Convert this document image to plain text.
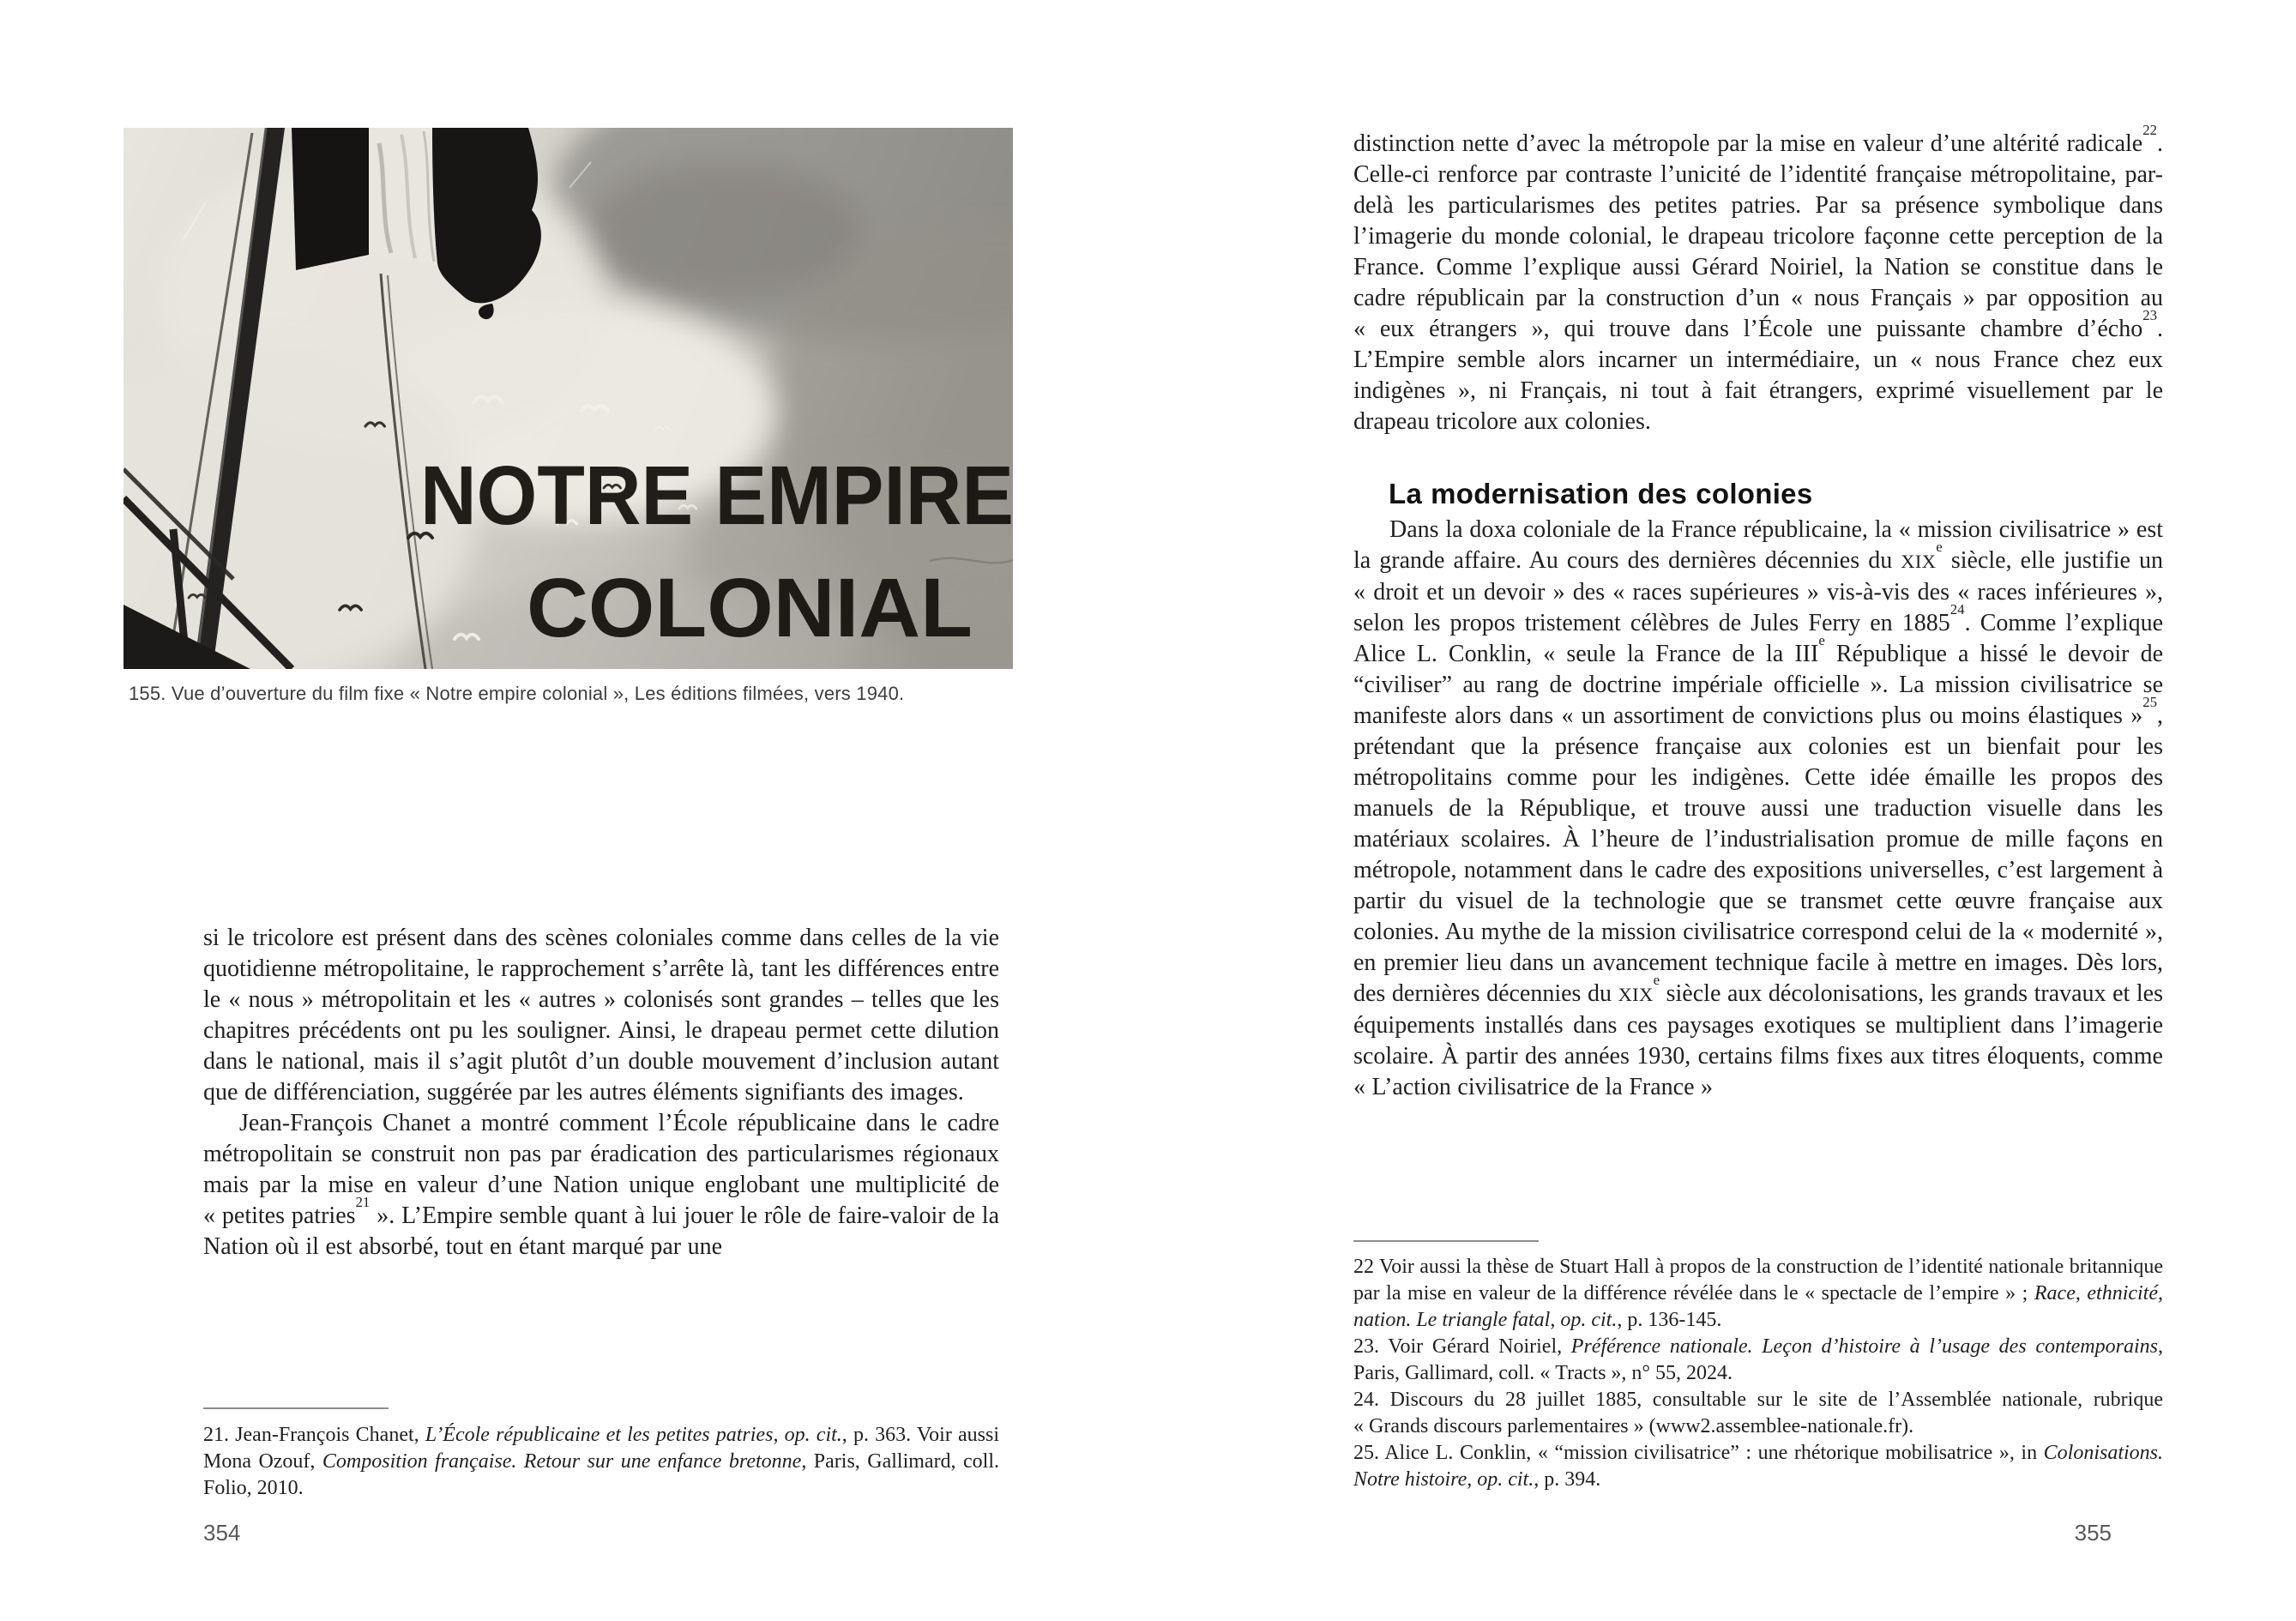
NOTRE EMPIRE
COLONIAL

155. Vue d’ouverture du film fixe « Notre empire colonial », Les éditions filmées, vers 1940.

si le tricolore est présent dans des scènes coloniales comme dans celles de la vie quotidienne métropolitaine, le rapprochement s’arrête là, tant les différences entre le « nous » métropolitain et les « autres » colonisés sont grandes – telles que les chapitres précédents ont pu les souligner. Ainsi, le drapeau permet cette dilution dans le national, mais il s’agit plutôt d’un double mouvement d’inclusion autant que de différenciation, suggérée par les autres éléments signifiants des images.

Jean-François Chanet a montré comment l’École républicaine dans le cadre métropolitain se construit non pas par éradication des particularismes régionaux mais par la mise en valeur d’une Nation unique englobant une multiplicité de « petites patries$^{21}$ ». L’Empire semble quant à lui jouer le rôle de faire-valoir de la Nation où il est absorbé, tout en étant marqué par une

21. Jean-François Chanet, L’École républicaine et les petites patries, op. cit., p. 363. Voir aussi Mona Ozouf, Composition française. Retour sur une enfance bretonne, Paris, Gallimard, coll. Folio, 2010.

354

distinction nette d’avec la métropole par la mise en valeur d’une altérité radicale$^{22}$. Celle-ci renforce par contraste l’unicité de l’identité française métropolitaine, par-delà les particularismes des petites patries. Par sa présence symbolique dans l’imagerie du monde colonial, le drapeau tricolore façonne cette perception de la France. Comme l’explique aussi Gérard Noiriel, la Nation se constitue dans le cadre républicain par la construction d’un « nous Français » par opposition au « eux étrangers », qui trouve dans l’École une puissante chambre d’écho$^{23}$. L’Empire semble alors incarner un intermédiaire, un « nous France chez eux indigènes », ni Français, ni tout à fait étrangers, exprimé visuellement par le drapeau tricolore aux colonies.

La modernisation des colonies

Dans la doxa coloniale de la France républicaine, la « mission civilisatrice » est la grande affaire. Au cours des dernières décennies du XIXe siècle, elle justifie un « droit et un devoir » des « races supérieures » vis-à-vis des « races inférieures », selon les propos tristement célèbres de Jules Ferry en 1885$^{24}$. Comme l’explique Alice L. Conklin, « seule la France de la IIIe République a hissé le devoir de “civiliser” au rang de doctrine impériale officielle ». La mission civilisatrice se manifeste alors dans « un assortiment de convictions plus ou moins élastiques »$^{25}$, prétendant que la présence française aux colonies est un bienfait pour les métropolitains comme pour les indigènes. Cette idée émaille les propos des manuels de la République, et trouve aussi une traduction visuelle dans les matériaux scolaires. À l’heure de l’industrialisation promue de mille façons en métropole, notamment dans le cadre des expositions universelles, c’est largement à partir du visuel de la technologie que se transmet cette œuvre française aux colonies. Au mythe de la mission civilisatrice correspond celui de la « modernité », en premier lieu dans un avancement technique facile à mettre en images. Dès lors, des dernières décennies du XIXe siècle aux décolonisations, les grands travaux et les équipements installés dans ces paysages exotiques se multiplient dans l’imagerie scolaire. À partir des années 1930, certains films fixes aux titres éloquents, comme « L’action civilisatrice de la France »

22 Voir aussi la thèse de Stuart Hall à propos de la construction de l’identité nationale britannique par la mise en valeur de la différence révélée dans le « spectacle de l’empire » ; Race, ethnicité, nation. Le triangle fatal, op. cit., p. 136-145.

23. Voir Gérard Noiriel, Préférence nationale. Leçon d’histoire à l’usage des contemporains, Paris, Gallimard, coll. « Tracts », n° 55, 2024.

24. Discours du 28 juillet 1885, consultable sur le site de l’Assemblée nationale, rubrique « Grands discours parlementaires » (www2.assemblee-nationale.fr).

25. Alice L. Conklin, « “mission civilisatrice” : une rhétorique mobilisatrice », in Colonisations. Notre histoire, op. cit., p. 394.

355
